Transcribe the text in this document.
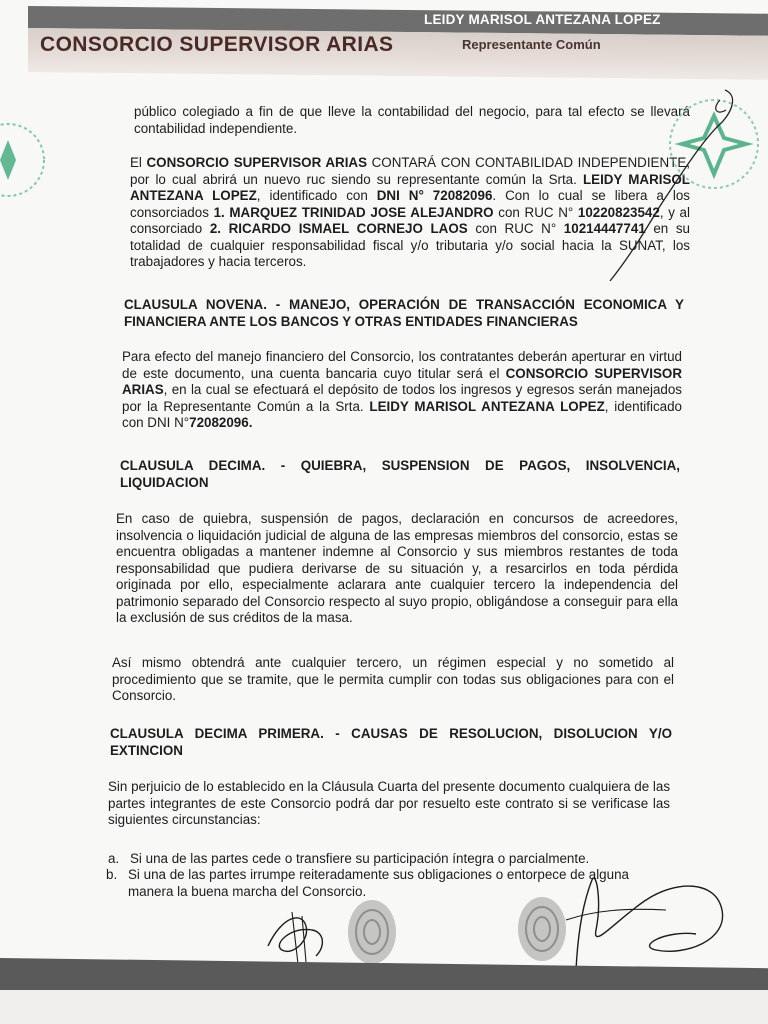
LEIDY MARISOL ANTEZANA LOPEZ
CONSORCIO SUPERVISOR ARIAS	Representante Común
público colegiado a fin de que lleve la contabilidad del negocio, para tal efecto se llevará contabilidad independiente.
El CONSORCIO SUPERVISOR ARIAS CONTARÁ CON CONTABILIDAD INDEPENDIENTE, por lo cual abrirá un nuevo ruc siendo su representante común la Srta. LEIDY MARISOL ANTEZANA LOPEZ, identificado con DNI N° 72082096. Con lo cual se libera a los consorciados 1. MARQUEZ TRINIDAD JOSE ALEJANDRO con RUC N° 10220823542, y al consorciado 2. RICARDO ISMAEL CORNEJO LAOS con RUC N° 10214447741 en su totalidad de cualquier responsabilidad fiscal y/o tributaria y/o social hacia la SUNAT, los trabajadores y hacia terceros.
CLAUSULA NOVENA. - MANEJO, OPERACIÓN DE TRANSACCIÓN ECONOMICA Y FINANCIERA ANTE LOS BANCOS Y OTRAS ENTIDADES FINANCIERAS
Para efecto del manejo financiero del Consorcio, los contratantes deberán aperturar en virtud de este documento, una cuenta bancaria cuyo titular será el CONSORCIO SUPERVISOR ARIAS, en la cual se efectuará el depósito de todos los ingresos y egresos serán manejados por la Representante Común a la Srta. LEIDY MARISOL ANTEZANA LOPEZ, identificado con DNI N°72082096.
CLAUSULA DECIMA. - QUIEBRA, SUSPENSION DE PAGOS, INSOLVENCIA, LIQUIDACION
En caso de quiebra, suspensión de pagos, declaración en concursos de acreedores, insolvencia o liquidación judicial de alguna de las empresas miembros del consorcio, estas se encuentra obligadas a mantener indemne al Consorcio y sus miembros restantes de toda responsabilidad que pudiera derivarse de su situación y, a resarcirlos en toda pérdida originada por ello, especialmente aclarara ante cualquier tercero la independencia del patrimonio separado del Consorcio respecto al suyo propio, obligándose a conseguir para ella la exclusión de sus créditos de la masa.
Así mismo obtendrá ante cualquier tercero, un régimen especial y no sometido al procedimiento que se tramite, que le permita cumplir con todas sus obligaciones para con el Consorcio.
CLAUSULA DECIMA PRIMERA. - CAUSAS DE RESOLUCION, DISOLUCION Y/O EXTINCION
Sin perjuicio de lo establecido en la Cláusula Cuarta del presente documento cualquiera de las partes integrantes de este Consorcio podrá dar por resuelto este contrato si se verificase las siguientes circunstancias:
a. Si una de las partes cede o transfiere su participación íntegra o parcialmente.
b. Si una de las partes irrumpe reiteradamente sus obligaciones o entorpece de alguna manera la buena marcha del Consorcio.
